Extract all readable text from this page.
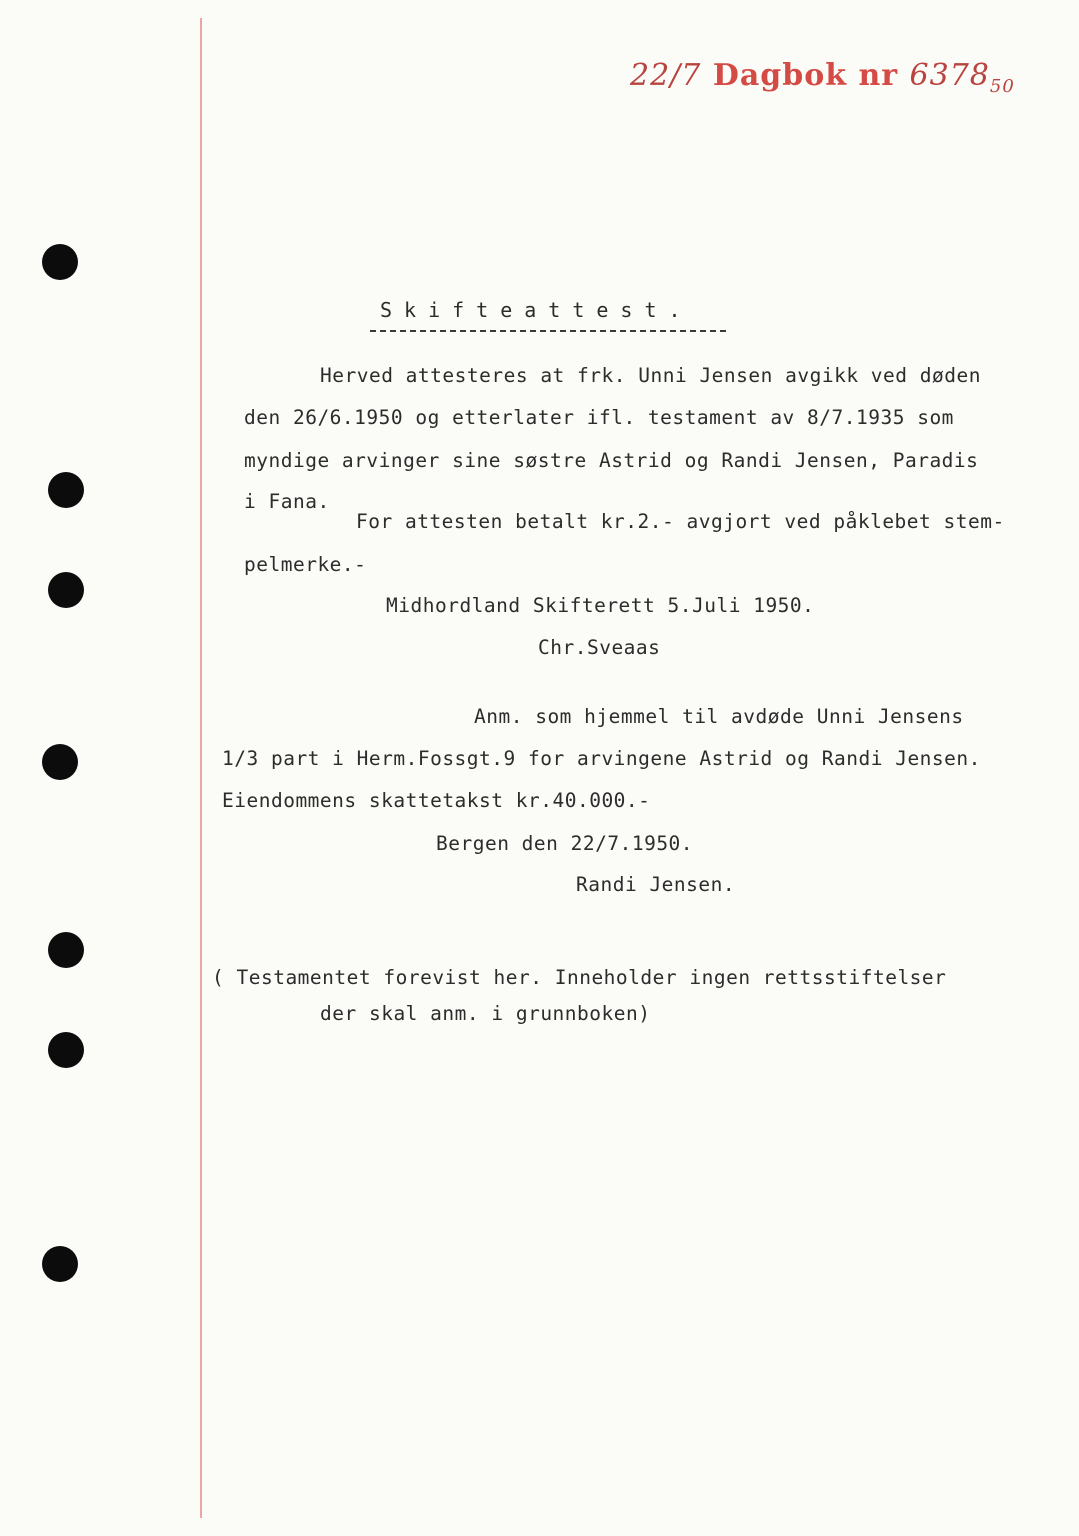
22/7 Dagbok nr $6378_{50}$
Skifteattest.
Herved attesteres at frk. Unni Jensen avgikk ved døden
den 26/6.1950 og etterlater ifl. testament av 8/7.1935 som
myndige arvinger sine søstre Astrid og Randi Jensen, Paradis
i Fana.
For attesten betalt kr.2.- avgjort ved påklebet stem-
pelmerke.-
Midhordland Skifterett 5.Juli 1950.
Chr.Sveaas
Anm. som hjemmel til avdøde Unni Jensens
1/3 part i Herm.Fossgt.9 for arvingene Astrid og Randi Jensen.
Eiendommens skattetakst kr.40.000.-
Bergen den 22/7.1950.
Randi Jensen.
( Testamentet forevist her. Inneholder ingen rettsstiftelser
der skal anm. i grunnboken)
